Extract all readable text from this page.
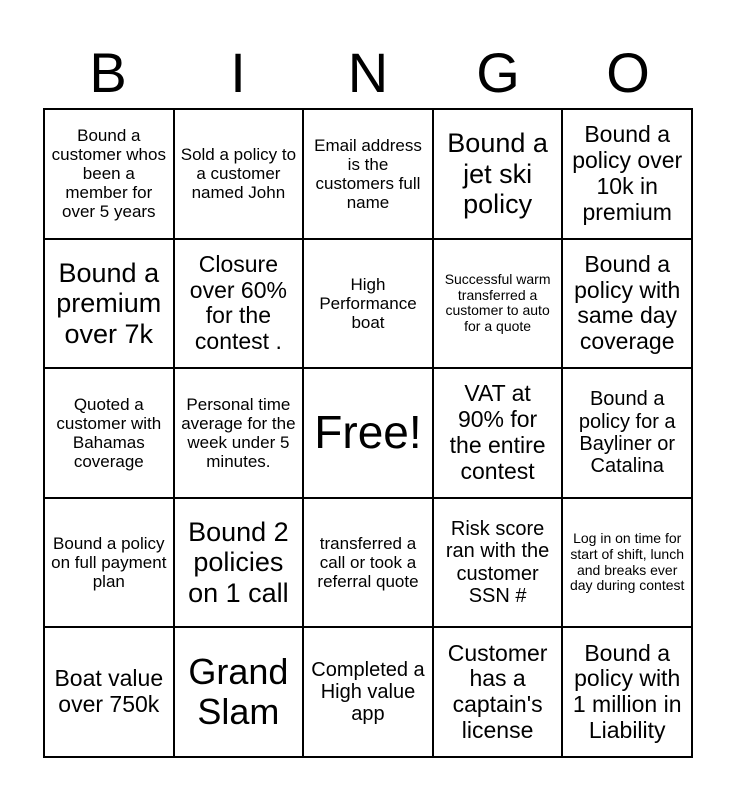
B	I	N	G	O
Bound a customer whos been a member for over 5 years
Sold a policy to a customer named John
Email address is the customers full name
Bound a jet ski policy
Bound a policy over 10k in premium
Bound a premium over 7k
Closure over 60% for the contest .
High Performance boat
Successful warm transferred a customer to auto for a quote
Bound a policy with same day coverage
Quoted a customer with Bahamas coverage
Personal time average for the week under 5 minutes.
Free!
VAT at 90% for the entire contest
Bound a policy for a Bayliner or Catalina
Bound a policy on full payment plan
Bound 2 policies on 1 call
transferred a call or took a referral quote
Risk score ran with the customer SSN #
Log in on time for start of shift, lunch and breaks ever day during contest
Boat value over 750k
Grand Slam
Completed a High value app
Customer has a captain's license
Bound a policy with 1 million in Liability
